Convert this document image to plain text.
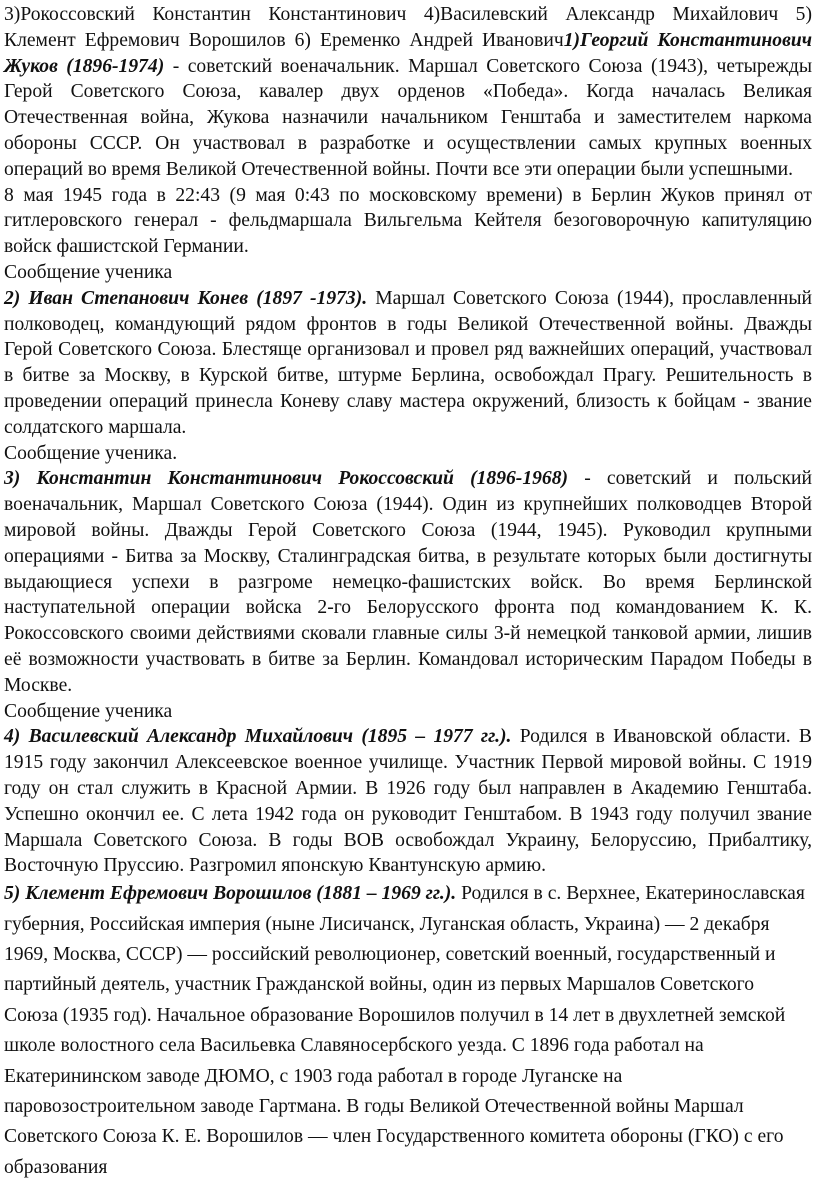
3)Рокоссовский Константин Константинович 4)Василевский Александр Михайлович 5) Клемент Ефремович Ворошилов 6) Еременко Андрей Иванович1)Георгий Константинович Жуков (1896-1974) - советский военачальник. Маршал Советского Союза (1943), четырежды Герой Советского Союза, кавалер двух орденов «Победа». Когда началась Великая Отечественная война, Жукова назначили начальником Генштаба и заместителем наркома обороны СССР. Он участвовал в разработке и осуществлении самых крупных военных операций во время Великой Отечественной войны. Почти все эти операции были успешными.

8 мая 1945 года в 22:43 (9 мая 0:43 по московскому времени) в Берлин Жуков принял от гитлеровского генерал - фельдмаршала Вильгельма Кейтеля безоговорочную капитуляцию войск фашистской Германии.

Сообщение ученика

2) Иван Степанович Конев (1897 -1973). Маршал Советского Союза (1944), прославленный полководец, командующий рядом фронтов в годы Великой Отечественной войны. Дважды Герой Советского Союза. Блестяще организовал и провел ряд важнейших операций, участвовал в битве за Москву, в Курской битве, штурме Берлина, освобождал Прагу. Решительность в проведении операций принесла Коневу славу мастера окружений, близость к бойцам - звание солдатского маршала.

Сообщение ученика.

3) Константин Константинович Рокоссовский (1896-1968) - советский и польский военачальник, Маршал Советского Союза (1944). Один из крупнейших полководцев Второй мировой войны. Дважды Герой Советского Союза (1944, 1945). Руководил крупными операциями - Битва за Москву, Сталинградская битва, в результате которых были достигнуты выдающиеся успехи в разгроме немецко-фашистских войск. Во время Берлинской наступательной операции войска 2-го Белорусского фронта под командованием К. К. Рокоссовского своими действиями сковали главные силы 3-й немецкой танковой армии, лишив её возможности участвовать в битве за Берлин. Командовал историческим Парадом Победы в Москве.

Сообщение ученика

4) Василевский Александр Михайлович (1895 – 1977 гг.). Родился в Ивановской области. В 1915 году закончил Алексеевское военное училище. Участник Первой мировой войны. С 1919 году он стал служить в Красной Армии. В 1926 году был направлен в Академию Генштаба. Успешно окончил ее. С лета 1942 года он руководит Генштабом. В 1943 году получил звание Маршала Советского Союза. В годы ВОВ освобождал Украину, Белоруссию, Прибалтику, Восточную Пруссию. Разгромил японскую Квантунскую армию.

5) Клемент Ефремович Ворошилов (1881 – 1969 гг.). Родился в с. Верхнее, Екатеринославская губерния, Российская империя (ныне Лисичанск, Луганская область, Украина) — 2 декабря 1969, Москва, СССР) — российский революционер, советский военный, государственный и партийный деятель, участник Гражданской войны, один из первых Маршалов Советского Союза (1935 год). Начальное образование Ворошилов получил в 14 лет в двухлетней земской школе волостного села Васильевка Славяносербского уезда. С 1896 года работал на Екатерининском заводе ДЮМО, с 1903 года работал в городе Луганске на паровозостроительном заводе Гартмана. В годы Великой Отечественной войны Маршал Советского Союза К. Е. Ворошилов — член Государственного комитета обороны (ГКО) с его образования
